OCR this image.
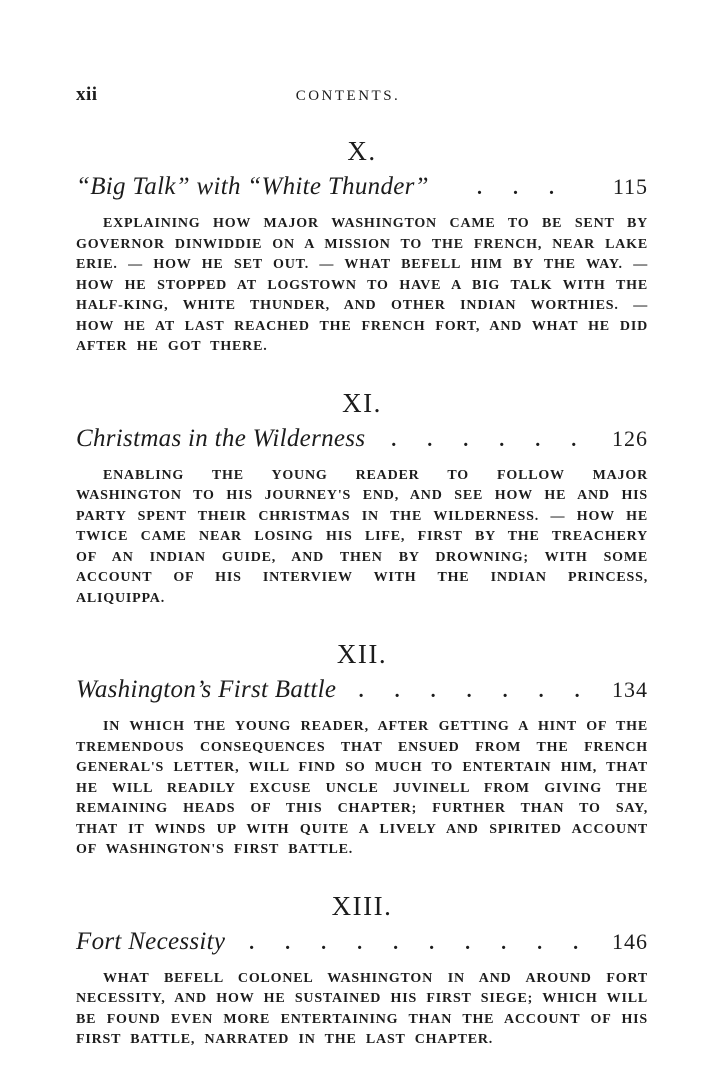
xii	CONTENTS.
X.
“Big Talk” with “White Thunder”	. . .	115

EXPLAINING HOW MAJOR WASHINGTON CAME TO BE SENT BY GOVERNOR DINWIDDIE ON A MISSION TO THE FRENCH, NEAR LAKE ERIE. — HOW HE SET OUT. — WHAT BEFELL HIM BY THE WAY. — HOW HE STOPPED AT LOGSTOWN TO HAVE A BIG TALK WITH THE HALF-KING, WHITE THUNDER, AND OTHER INDIAN WORTHIES. — HOW HE AT LAST REACHED THE FRENCH FORT, AND WHAT HE DID AFTER HE GOT THERE.

XI.
Christmas in the Wilderness	. . . . . .	126

ENABLING THE YOUNG READER TO FOLLOW MAJOR WASHINGTON TO HIS JOURNEY'S END, AND SEE HOW HE AND HIS PARTY SPENT THEIR CHRISTMAS IN THE WILDERNESS. — HOW HE TWICE CAME NEAR LOSING HIS LIFE, FIRST BY THE TREACHERY OF AN INDIAN GUIDE, AND THEN BY DROWNING; WITH SOME ACCOUNT OF HIS INTERVIEW WITH THE INDIAN PRINCESS, ALIQUIPPA.

XII.
Washington’s First Battle	. . . . . . .	134

IN WHICH THE YOUNG READER, AFTER GETTING A HINT OF THE TREMENDOUS CONSEQUENCES THAT ENSUED FROM THE FRENCH GENERAL'S LETTER, WILL FIND SO MUCH TO ENTERTAIN HIM, THAT HE WILL READILY EXCUSE UNCLE JUVINELL FROM GIVING THE REMAINING HEADS OF THIS CHAPTER; FURTHER THAN TO SAY, THAT IT WINDS UP WITH QUITE A LIVELY AND SPIRITED ACCOUNT OF WASHINGTON'S FIRST BATTLE.

XIII.
Fort Necessity	. . . . . . . . . .	146

WHAT BEFELL COLONEL WASHINGTON IN AND AROUND FORT NECESSITY, AND HOW HE SUSTAINED HIS FIRST SIEGE; WHICH WILL BE FOUND EVEN MORE ENTERTAINING THAN THE ACCOUNT OF HIS FIRST BATTLE, NARRATED IN THE LAST CHAPTER.
